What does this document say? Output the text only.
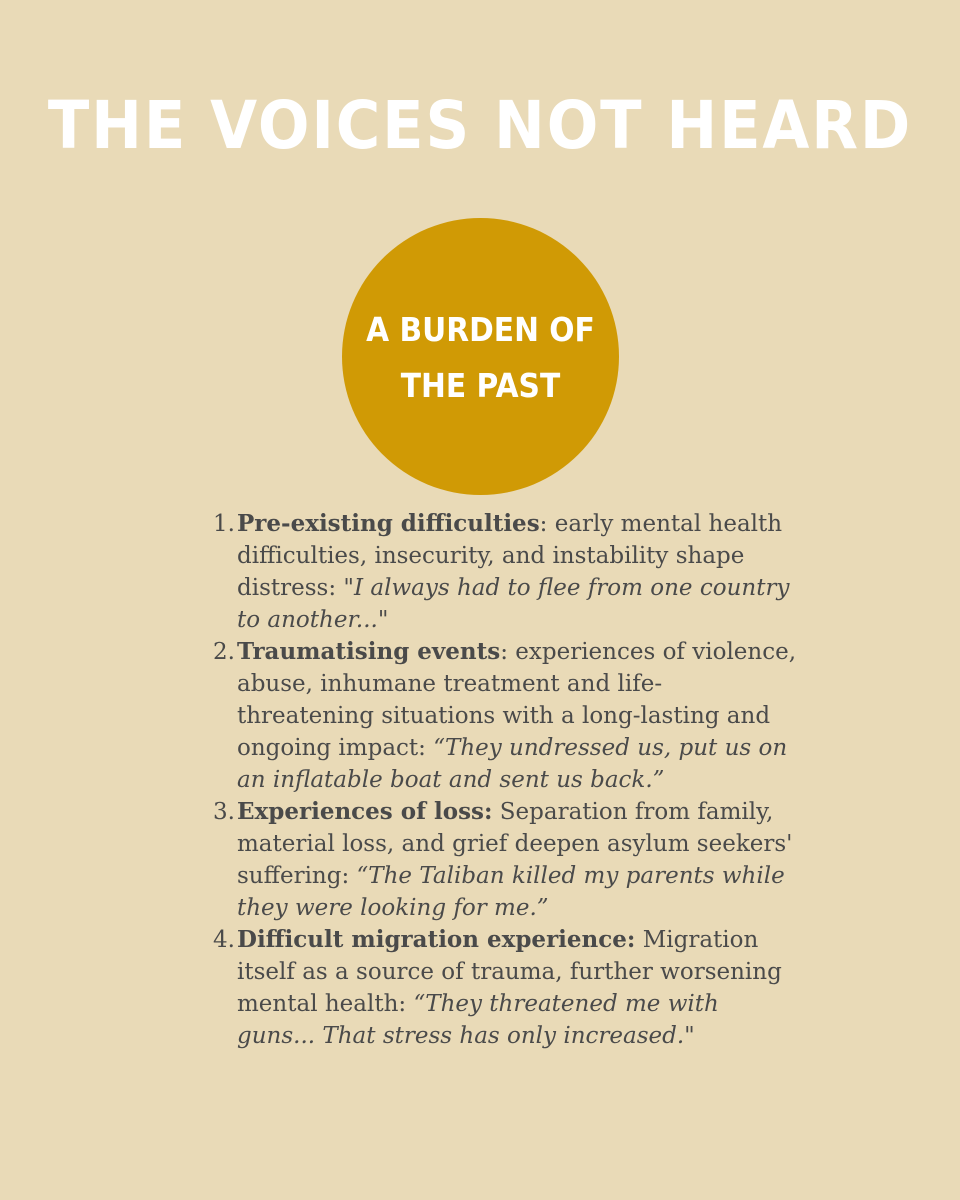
THE VOICES NOT HEARD
A BURDEN OF THE PAST
1. Pre-existing difficulties: early mental health difficulties, insecurity, and instability shape distress: "I always had to flee from one country to another..."
2. Traumatising events: experiences of violence, abuse, inhumane treatment and life-threatening situations with a long-lasting and ongoing impact: “They undressed us, put us on an inflatable boat and sent us back.”
3. Experiences of loss: Separation from family, material loss, and grief deepen asylum seekers' suffering: “The Taliban killed my parents while they were looking for me.”
4. Difficult migration experience: Migration itself as a source of trauma, further worsening mental health: “They threatened me with guns... That stress has only increased."
